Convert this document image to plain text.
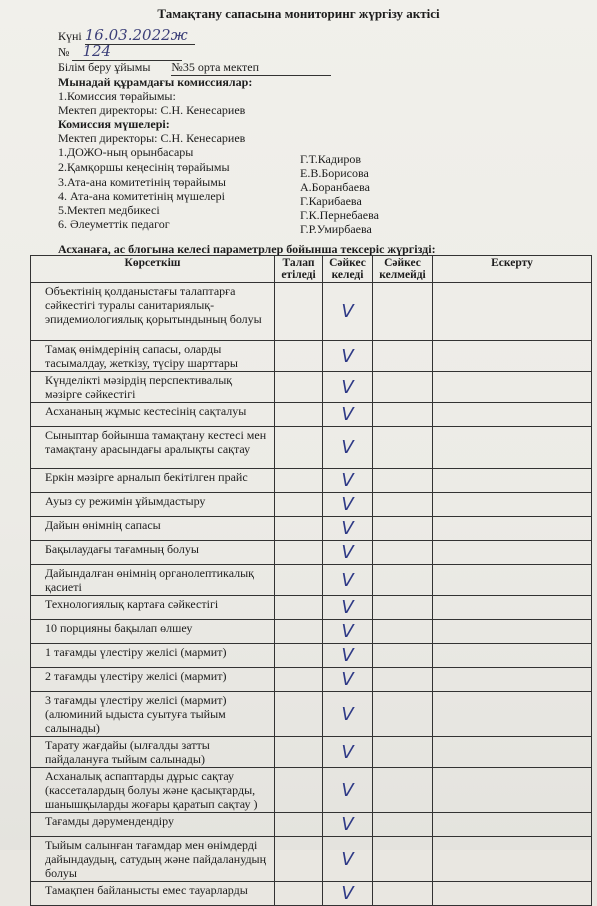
Тамақтану сапасына мониторинг жүргізу актісі
Күні 16.03.2022ж
№ 124
Білім беру ұйымы №35 орта мектеп
Мынадай құрамдағы комиссиялар:
1.Комиссия төрайымы:
Мектеп директоры: С.Н. Кенесариев
Комиссия мүшелері:
Мектеп директоры: С.Н. Кенесариев
1.ДОЖО-ның орынбасары
2.Қамқоршы кеңесінің төрайымы
3.Ата-ана комитетінің төрайымы
4. Ата-ана комитетінің мүшелері
5.Мектеп медбикесі
6. Әлеуметтік педагог
Г.Т.Кадиров
Е.В.Борисова
А.Боранбаева
Г.Карибаева
Г.К.Пернебаева
Г.Р.Умирбаева
Асханаға, ас блогына келесі параметрлер бойынша тексеріс жүргізді:
Көрсеткіш	Талап етіледі	Сәйкес келеді	Сәйкес келмейді	Ескерту
Объектінің қолданыстағы талаптарға сәйкестігі туралы санитариялық-эпидемиологиялық қорытындының болуы		V		
Тамақ өнімдерінің сапасы, оларды тасымалдау, жеткізу, түсіру шарттары		V		
Күнделікті мәзірдің перспективалық мәзірге сәйкестігі		V		
Асхананың жұмыс кестесінің сақталуы		V		
Сыныптар бойынша тамақтану кестесі мен тамақтану арасындағы аралықты сақтау		V		
Еркін мәзірге арналып бекітілген прайс		V		
Ауыз су режимін ұйымдастыру		V		
Дайын өнімнің сапасы		V		
Бақылаудағы тағамның болуы		V		
Дайындалған өнімнің органолептикалық қасиеті		V		
Технологиялық картаға сәйкестігі		V		
10 порцияны бақылап өлшеу		V		
1 тағамды үлестіру желісі (мармит)		V		
2 тағамды үлестіру желісі (мармит)		V		
3 тағамды үлестіру желісі (мармит) (алюминий ыдыста суытуға тыйым салынады)		V		
Тарату жағдайы (ылғалды затты пайдалануға тыйым салынады)		V		
Асханалық аспаптарды дұрыс сақтау (кассеталардың болуы және қасықтарды, шанышқыларды жоғары қаратып сақтау )		V		
Тағамды дәрумендендіру		V		
Тыйым салынған тағамдар мен өнімдерді дайындаудың, сатудың және пайдаланудың болуы		V		
Тамақпен байланысты емес тауарларды		V		
